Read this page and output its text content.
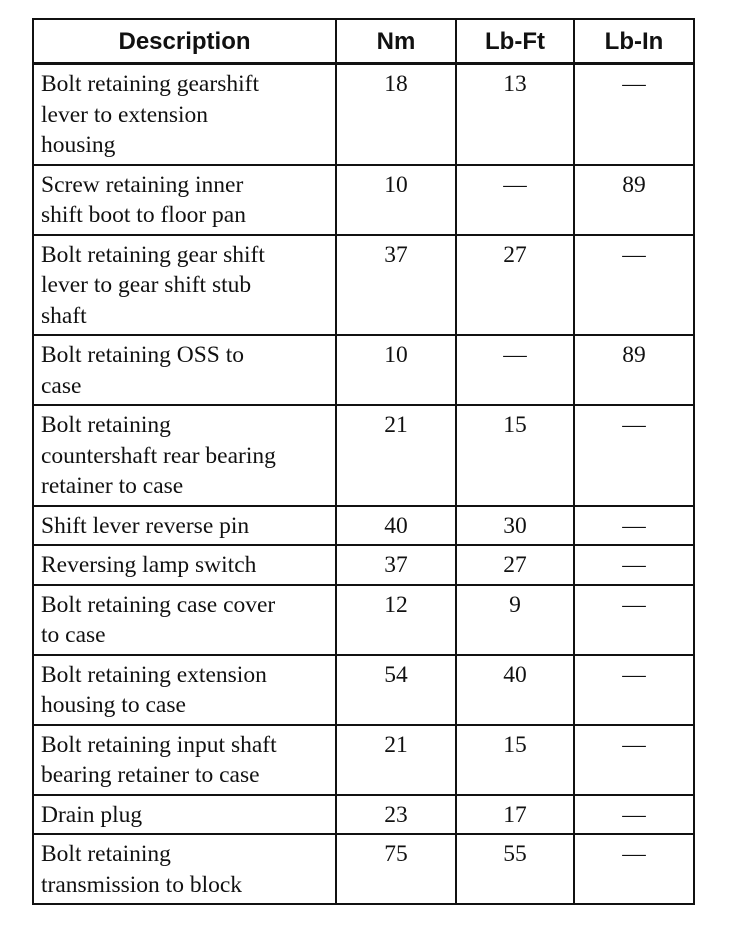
Description	Nm	Lb-Ft	Lb-In

Bolt retaining gearshift
lever to extension
housing	18	13	—

Screw retaining inner
shift boot to floor pan	10	—	89

Bolt retaining gear shift
lever to gear shift stub
shaft	37	27	—

Bolt retaining OSS to
case	10	—	89

Bolt retaining
countershaft rear bearing
retainer to case	21	15	—

Shift lever reverse pin	40	30	—

Reversing lamp switch	37	27	—

Bolt retaining case cover
to case	12	9	—

Bolt retaining extension
housing to case	54	40	—

Bolt retaining input shaft
bearing retainer to case	21	15	—

Drain plug	23	17	—

Bolt retaining
transmission to block	75	55	—
